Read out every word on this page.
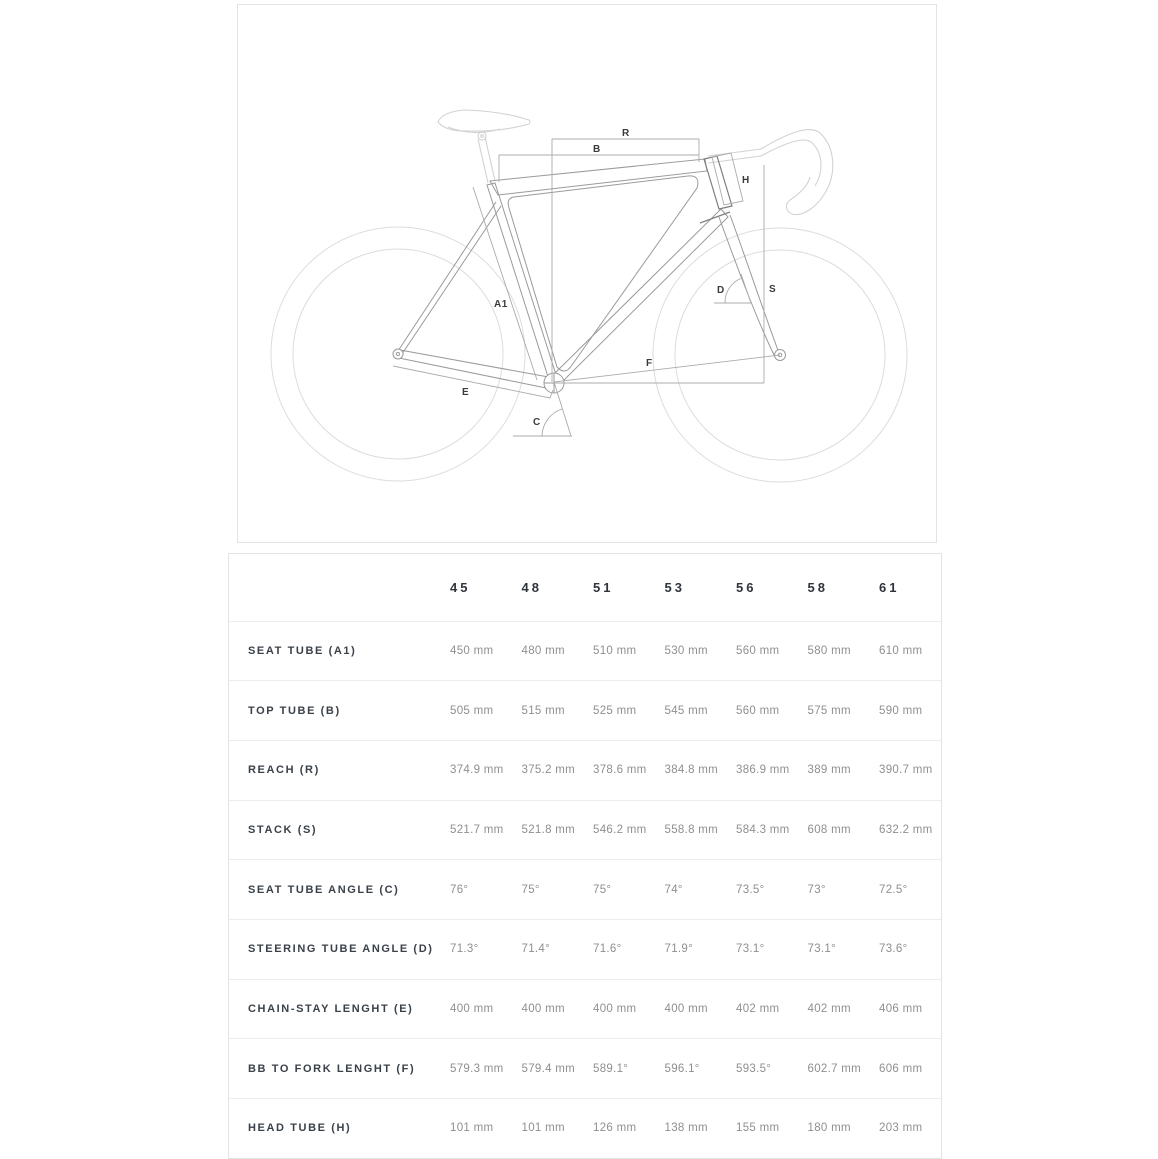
R
B
H
A1
D	S
F
E
C
45	48	51	53	56	58	61
SEAT TUBE (A1)	450 mm	480 mm	510 mm	530 mm	560 mm	580 mm	610 mm
TOP TUBE (B)	505 mm	515 mm	525 mm	545 mm	560 mm	575 mm	590 mm
REACH (R)	374.9 mm	375.2 mm	378.6 mm	384.8 mm	386.9 mm	389 mm	390.7 mm
STACK (S)	521.7 mm	521.8 mm	546.2 mm	558.8 mm	584.3 mm	608 mm	632.2 mm
SEAT TUBE ANGLE (C)	76°	75°	75°	74°	73.5°	73°	72.5°
STEERING TUBE ANGLE (D)	71.3°	71.4°	71.6°	71.9°	73.1°	73.1°	73.6°
CHAIN-STAY LENGHT (E)	400 mm	400 mm	400 mm	400 mm	402 mm	402 mm	406 mm
BB TO FORK LENGHT (F)	579.3 mm	579.4 mm	589.1°	596.1°	593.5°	602.7 mm	606 mm
HEAD TUBE (H)	101 mm	101 mm	126 mm	138 mm	155 mm	180 mm	203 mm
